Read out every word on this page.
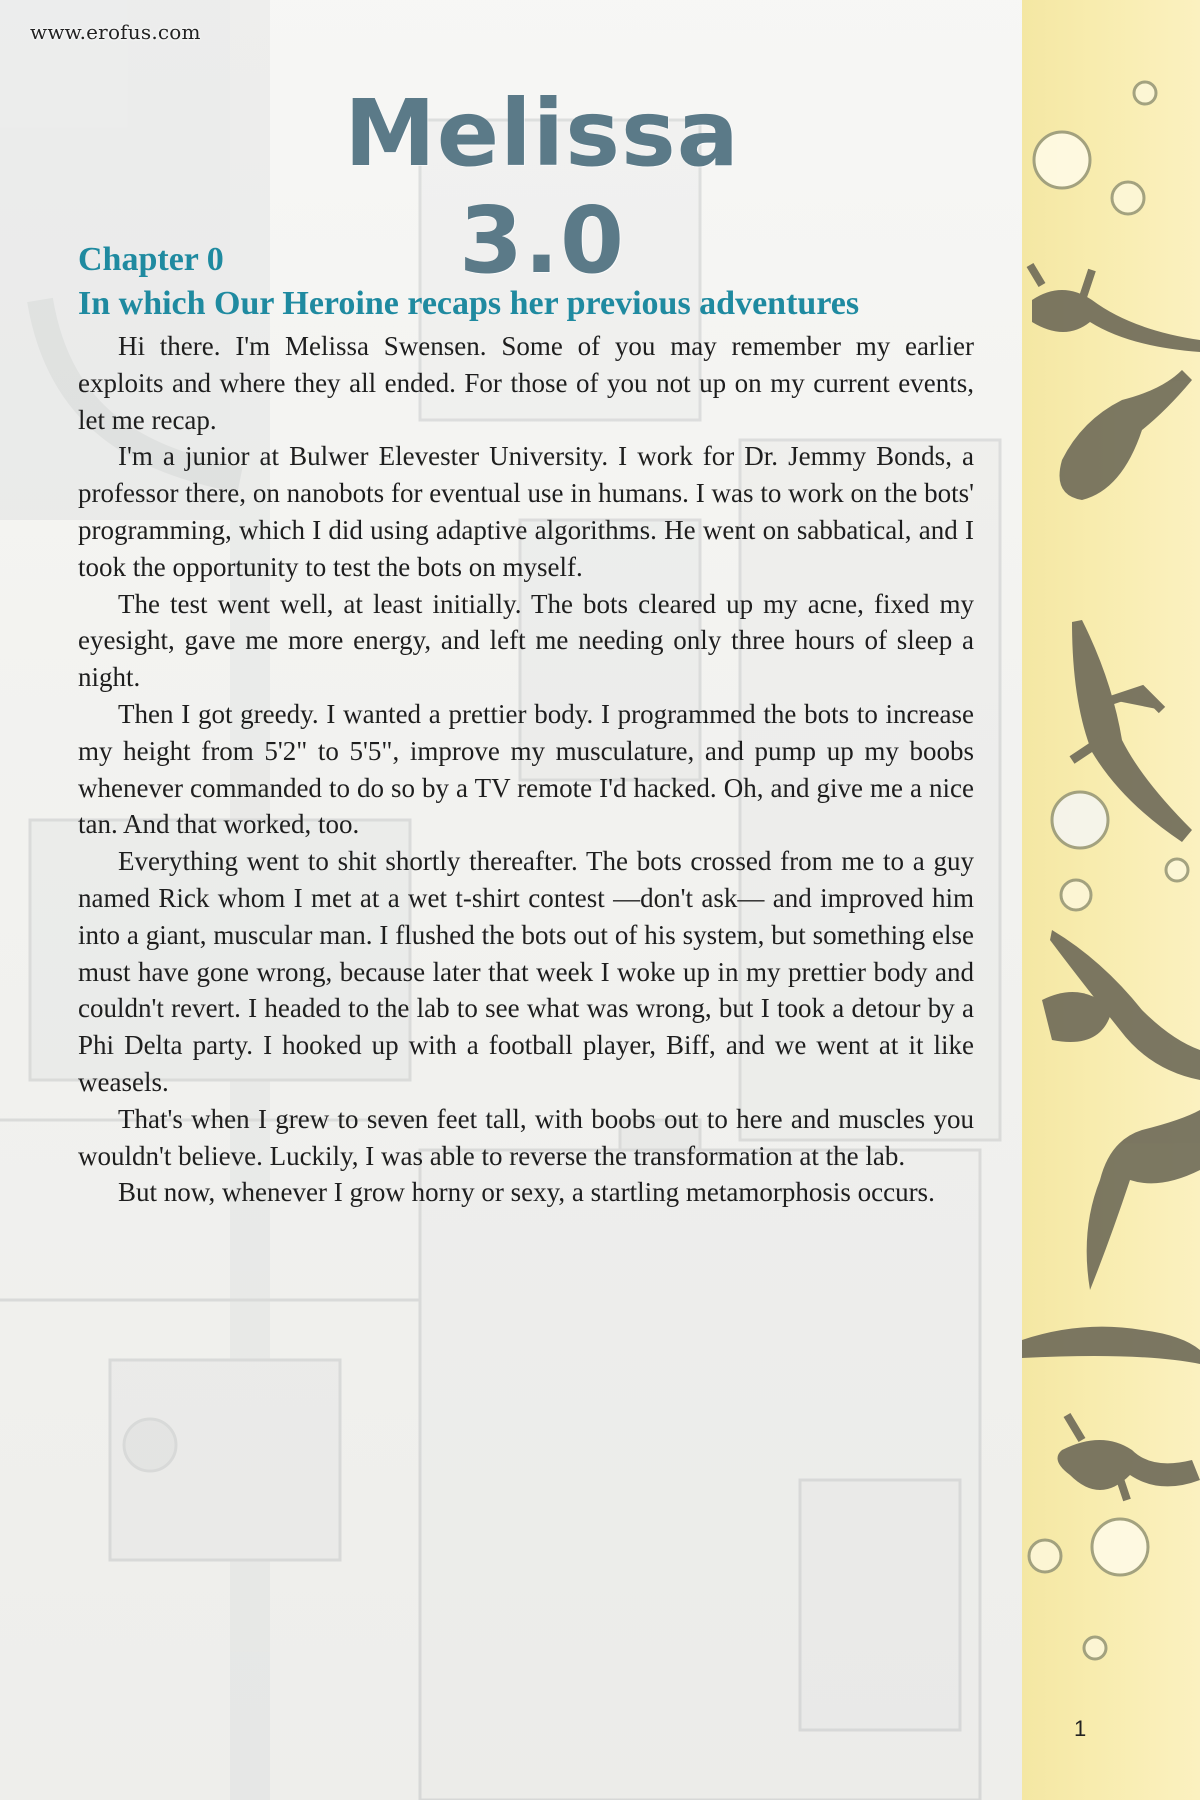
www.erofus.com
Melissa 3.0
Chapter 0
In which Our Heroine recaps her previous adventures

Hi there. I'm Melissa Swensen. Some of you may remember my earlier exploits and where they all ended. For those of you not up on my current events, let me recap.

I'm a junior at Bulwer Elevester University. I work for Dr. Jemmy Bonds, a professor there, on nanobots for eventual use in humans. I was to work on the bots' programming, which I did using adaptive algorithms. He went on sabbatical, and I took the opportunity to test the bots on myself.

The test went well, at least initially. The bots cleared up my acne, fixed my eyesight, gave me more energy, and left me needing only three hours of sleep a night.

Then I got greedy. I wanted a prettier body. I programmed the bots to increase my height from 5'2" to 5'5", improve my musculature, and pump up my boobs whenever commanded to do so by a TV remote I'd hacked. Oh, and give me a nice tan. And that worked, too.

Everything went to shit shortly thereafter. The bots crossed from me to a guy named Rick whom I met at a wet t-shirt contest —don't ask— and improved him into a giant, muscular man. I flushed the bots out of his system, but something else must have gone wrong, because later that week I woke up in my prettier body and couldn't revert. I headed to the lab to see what was wrong, but I took a detour by a Phi Delta party. I hooked up with a football player, Biff, and we went at it like weasels.

That's when I grew to seven feet tall, with boobs out to here and muscles you wouldn't believe. Luckily, I was able to reverse the transformation at the lab.

But now, whenever I grow horny or sexy, a startling metamorphosis occurs.

1
